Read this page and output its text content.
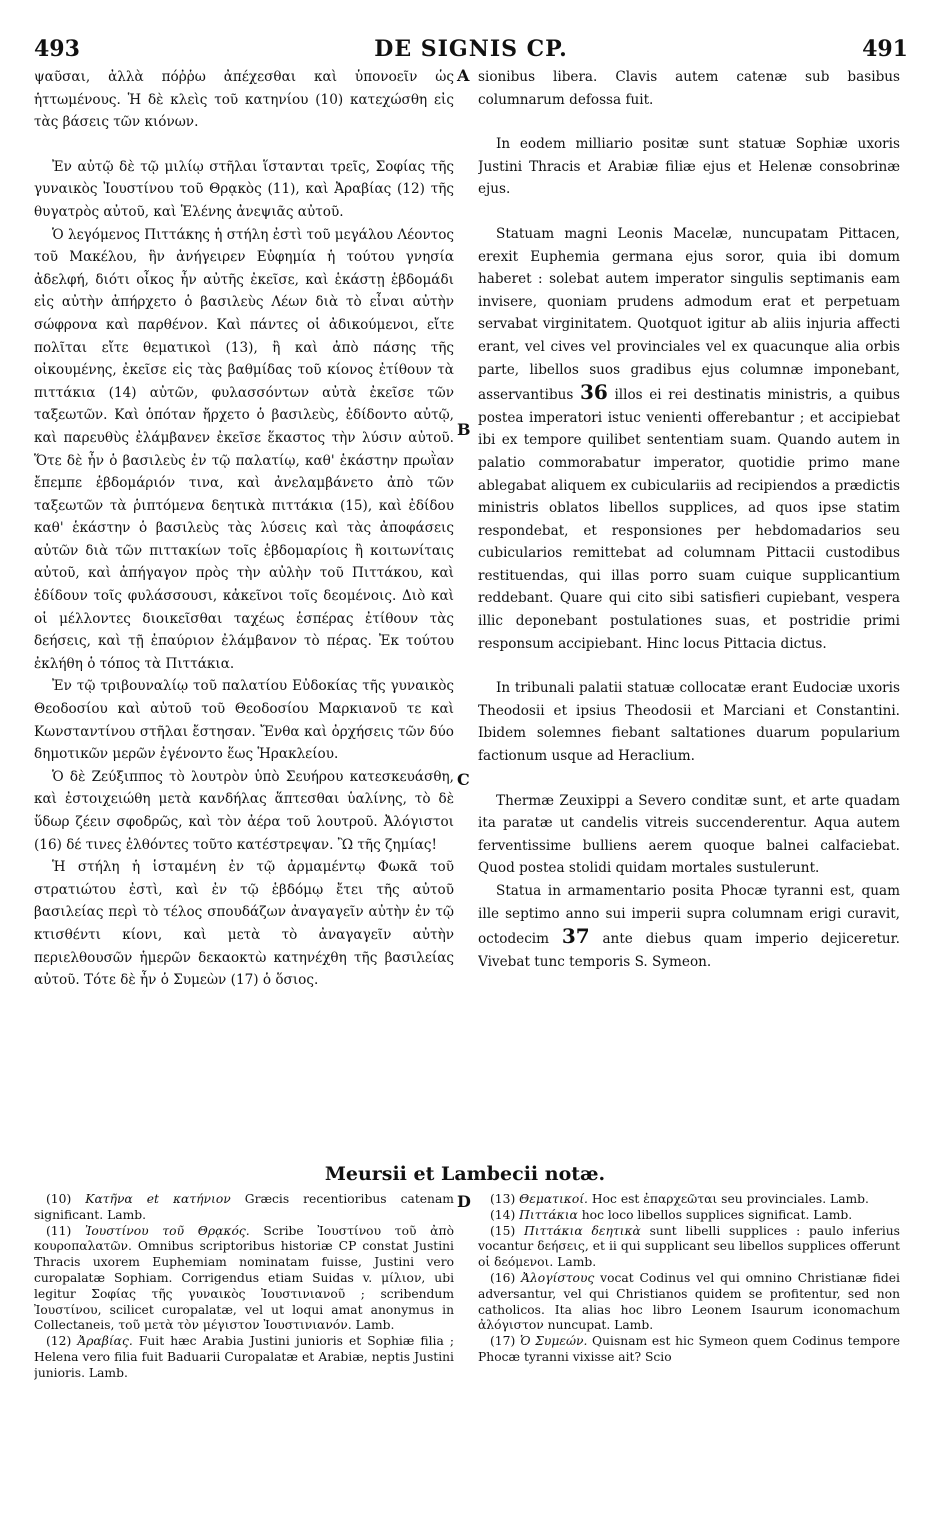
493	DE SIGNIS CP.	491

ψαῦσαι, ἀλλὰ πόῤῥω ἀπέχεσθαι καὶ ὑπονοεῖν ὡς ἡττωμένους. Ἡ δὲ κλεὶς τοῦ κατηνίου (10) κατεχώσθη εἰς τὰς βάσεις τῶν κιόνων.

Ἐν αὐτῷ δὲ τῷ μιλίῳ στῆλαι ἵστανται τρεῖς, Σοφίας τῆς γυναικὸς Ἰουστίνου τοῦ Θρᾳκὸς (11), καὶ Ἀραβίας (12) τῆς θυγατρὸς αὐτοῦ, καὶ Ἑλένης ἀνεψιᾶς αὐτοῦ.

Ὁ λεγόμενος Πιττάκης ἡ στήλη ἐστὶ τοῦ μεγάλου Λέοντος τοῦ Μακέλου, ἣν ἀνήγειρεν Εὐφημία ἡ τούτου γνησία ἀδελφή, διότι οἶκος ἦν αὐτῆς ἐκεῖσε, καὶ ἑκάστῃ ἑβδομάδι εἰς αὐτὴν ἀπήρχετο ὁ βασιλεὺς Λέων διὰ τὸ εἶναι αὐτὴν σώφρονα καὶ παρθένον. Καὶ πάντες οἱ ἀδικούμενοι, εἴτε πολῖται εἴτε θεματικοὶ (13), ἢ καὶ ἀπὸ πάσης τῆς οἰκουμένης, ἐκεῖσε εἰς τὰς βαθμίδας τοῦ κίονος ἐτίθουν τὰ πιττάκια (14) αὐτῶν, φυλασσόντων αὐτὰ ἐκεῖσε τῶν ταξεωτῶν. Καὶ ὁπόταν ἤρχετο ὁ βασιλεὺς, ἐδίδοντο αὐτῷ, καὶ παρευθὺς ἐλάμβανεν ἐκεῖσε ἕκαστος τὴν λύσιν αὐτοῦ. Ὅτε δὲ ἦν ὁ βασιλεὺς ἐν τῷ παλατίῳ, καθ' ἑκάστην πρωῒαν ἔπεμπε ἑβδομάριόν τινα, καὶ ἀνελαμβάνετο ἀπὸ τῶν ταξεωτῶν τὰ ῥιπτόμενα δεητικὰ πιττάκια (15), καὶ ἐδίδου καθ' ἑκάστην ὁ βασιλεὺς τὰς λύσεις καὶ τὰς ἀποφάσεις αὐτῶν διὰ τῶν πιττακίων τοῖς ἑβδομαρίοις ἢ κοιτωνίταις αὐτοῦ, καὶ ἀπήγαγον πρὸς τὴν αὐλὴν τοῦ Πιττάκου, καὶ ἐδίδουν τοῖς φυλάσσουσι, κἀκεῖνοι τοῖς δεομένοις. Διὸ καὶ οἱ μέλλοντες διοικεῖσθαι ταχέως ἑσπέρας ἐτίθουν τὰς δεήσεις, καὶ τῇ ἐπαύριον ἐλάμβανον τὸ πέρας. Ἐκ τούτου ἐκλήθη ὁ τόπος τὰ Πιττάκια.

Ἐν τῷ τριβουναλίῳ τοῦ παλατίου Εὐδοκίας τῆς γυναικὸς Θεοδοσίου καὶ αὐτοῦ τοῦ Θεοδοσίου Μαρκιανοῦ τε καὶ Κωνσταντίνου στῆλαι ἔστησαν. Ἔνθα καὶ ὀρχήσεις τῶν δύο δημοτικῶν μερῶν ἐγένοντο ἕως Ἡρακλείου.

Ὁ δὲ Ζεύξιππος τὸ λουτρὸν ὑπὸ Σευήρου κατεσκευάσθη, καὶ ἐστοιχειώθη μετὰ κανδήλας ἅπτεσθαι ὑαλίνης, τὸ δὲ ὕδωρ ζέειν σφοδρῶς, καὶ τὸν ἀέρα τοῦ λουτροῦ. Ἀλόγιστοι (16) δέ τινες ἐλθόντες τοῦτο κατέστρεψαν. Ὢ τῆς ζημίας!

Ἡ στήλη ἡ ἱσταμένη ἐν τῷ ἀρμαμέντῳ Φωκᾶ τοῦ στρατιώτου ἐστὶ, καὶ ἐν τῷ ἑβδόμῳ ἔτει τῆς αὐτοῦ βασιλείας περὶ τὸ τέλος σπουδάζων ἀναγαγεῖν αὐτὴν ἐν τῷ κτισθέντι κίονι, καὶ μετὰ τὸ ἀναγαγεῖν αὐτὴν περιελθουσῶν ἡμερῶν δεκαοκτὼ κατηνέχθη τῆς βασιλείας αὐτοῦ. Τότε δὲ ἦν ὁ Συμεὼν (17) ὁ ὅσιος.

A
B
C
D

sionibus libera. Clavis autem catenæ sub basibus columnarum defossa fuit.

In eodem milliario positæ sunt statuæ Sophiæ uxoris Justini Thracis et Arabiæ filiæ ejus et Helenæ consobrinæ ejus.

Statuam magni Leonis Macelæ, nuncupatam Pittacen, erexit Euphemia germana ejus soror, quia ibi domum haberet : solebat autem imperator singulis septimanis eam invisere, quoniam prudens admodum erat et perpetuam servabat virginitatem. Quotquot igitur ab aliis injuria affecti erant, vel cives vel provinciales vel ex quacunque alia orbis parte, libellos suos gradibus ejus columnæ imponebant, asservantibus 36 illos ei rei destinatis ministris, a quibus postea imperatori istuc venienti offerebantur ; et accipiebat ibi ex tempore quilibet sententiam suam. Quando autem in palatio commorabatur imperator, quotidie primo mane ablegabat aliquem ex cubiculariis ad recipiendos a prædictis ministris oblatos libellos supplices, ad quos ipse statim respondebat, et responsiones per hebdomadarios seu cubicularios remittebat ad columnam Pittacii custodibus restituendas, qui illas porro suam cuique supplicantium reddebant. Quare qui cito sibi satisfieri cupiebant, vespera illic deponebant postulationes suas, et postridie primi responsum accipiebant. Hinc locus Pittacia dictus.

In tribunali palatii statuæ collocatæ erant Eudociæ uxoris Theodosii et ipsius Theodosii et Marciani et Constantini. Ibidem solemnes fiebant saltationes duarum popularium factionum usque ad Heraclium.

Thermæ Zeuxippi a Severo conditæ sunt, et arte quadam ita paratæ ut candelis vitreis succenderentur. Aqua autem ferventissime bulliens aerem quoque balnei calfaciebat. Quod postea stolidi quidam mortales sustulerunt.

Statua in armamentario posita Phocæ tyranni est, quam ille septimo anno sui imperii supra columnam erigi curavit, octodecim 37 ante diebus quam imperio dejiceretur. Vivebat tunc temporis S. Symeon.

Meursii et Lambecii notæ.

(10) Κατῆνα et κατήνιον Græcis recentioribus catenam significant. Lamb.

(11) Ἰουστίνου τοῦ Θρᾳκός. Scribe Ἰουστίνου τοῦ ἀπὸ κουροπαλατῶν. Omnibus scriptoribus historiæ CP constat Justini Thracis uxorem Euphemiam nominatam fuisse, Justini vero curopalatæ Sophiam. Corrigendus etiam Suidas v. μίλιον, ubi legitur Σοφίας τῆς γυναικὸς Ἰουστινιανοῦ ; scribendum Ἰουστίνου, scilicet curopalatæ, vel ut loqui amat anonymus in Collectaneis, τοῦ μετὰ τὸν μέγιστον Ἰουστινιανόν. Lamb.

(12) Ἀραβίας. Fuit hæc Arabia Justini junioris et Sophiæ filia ; Helena vero filia fuit Baduarii Curopalatæ et Arabiæ, neptis Justini junioris. Lamb.

(13) Θεματικοί. Hoc est ἐπαρχεῶται seu provinciales. Lamb.

(14) Πιττάκια hoc loco libellos supplices significat. Lamb.

(15) Πιττάκια δεητικὰ sunt libelli supplices : paulo inferius vocantur δεήσεις, et ii qui supplicant seu libellos supplices offerunt οἱ δεόμενοι. Lamb.

(16) Ἀλογίστους vocat Codinus vel qui omnino Christianæ fidei adversantur, vel qui Christianos quidem se profitentur, sed non catholicos. Ita alias hoc libro Leonem Isaurum iconomachum ἀλόγιστον nuncupat. Lamb.

(17) Ὁ Συμεών. Quisnam est hic Symeon quem Codinus tempore Phocæ tyranni vixisse ait? Scio
